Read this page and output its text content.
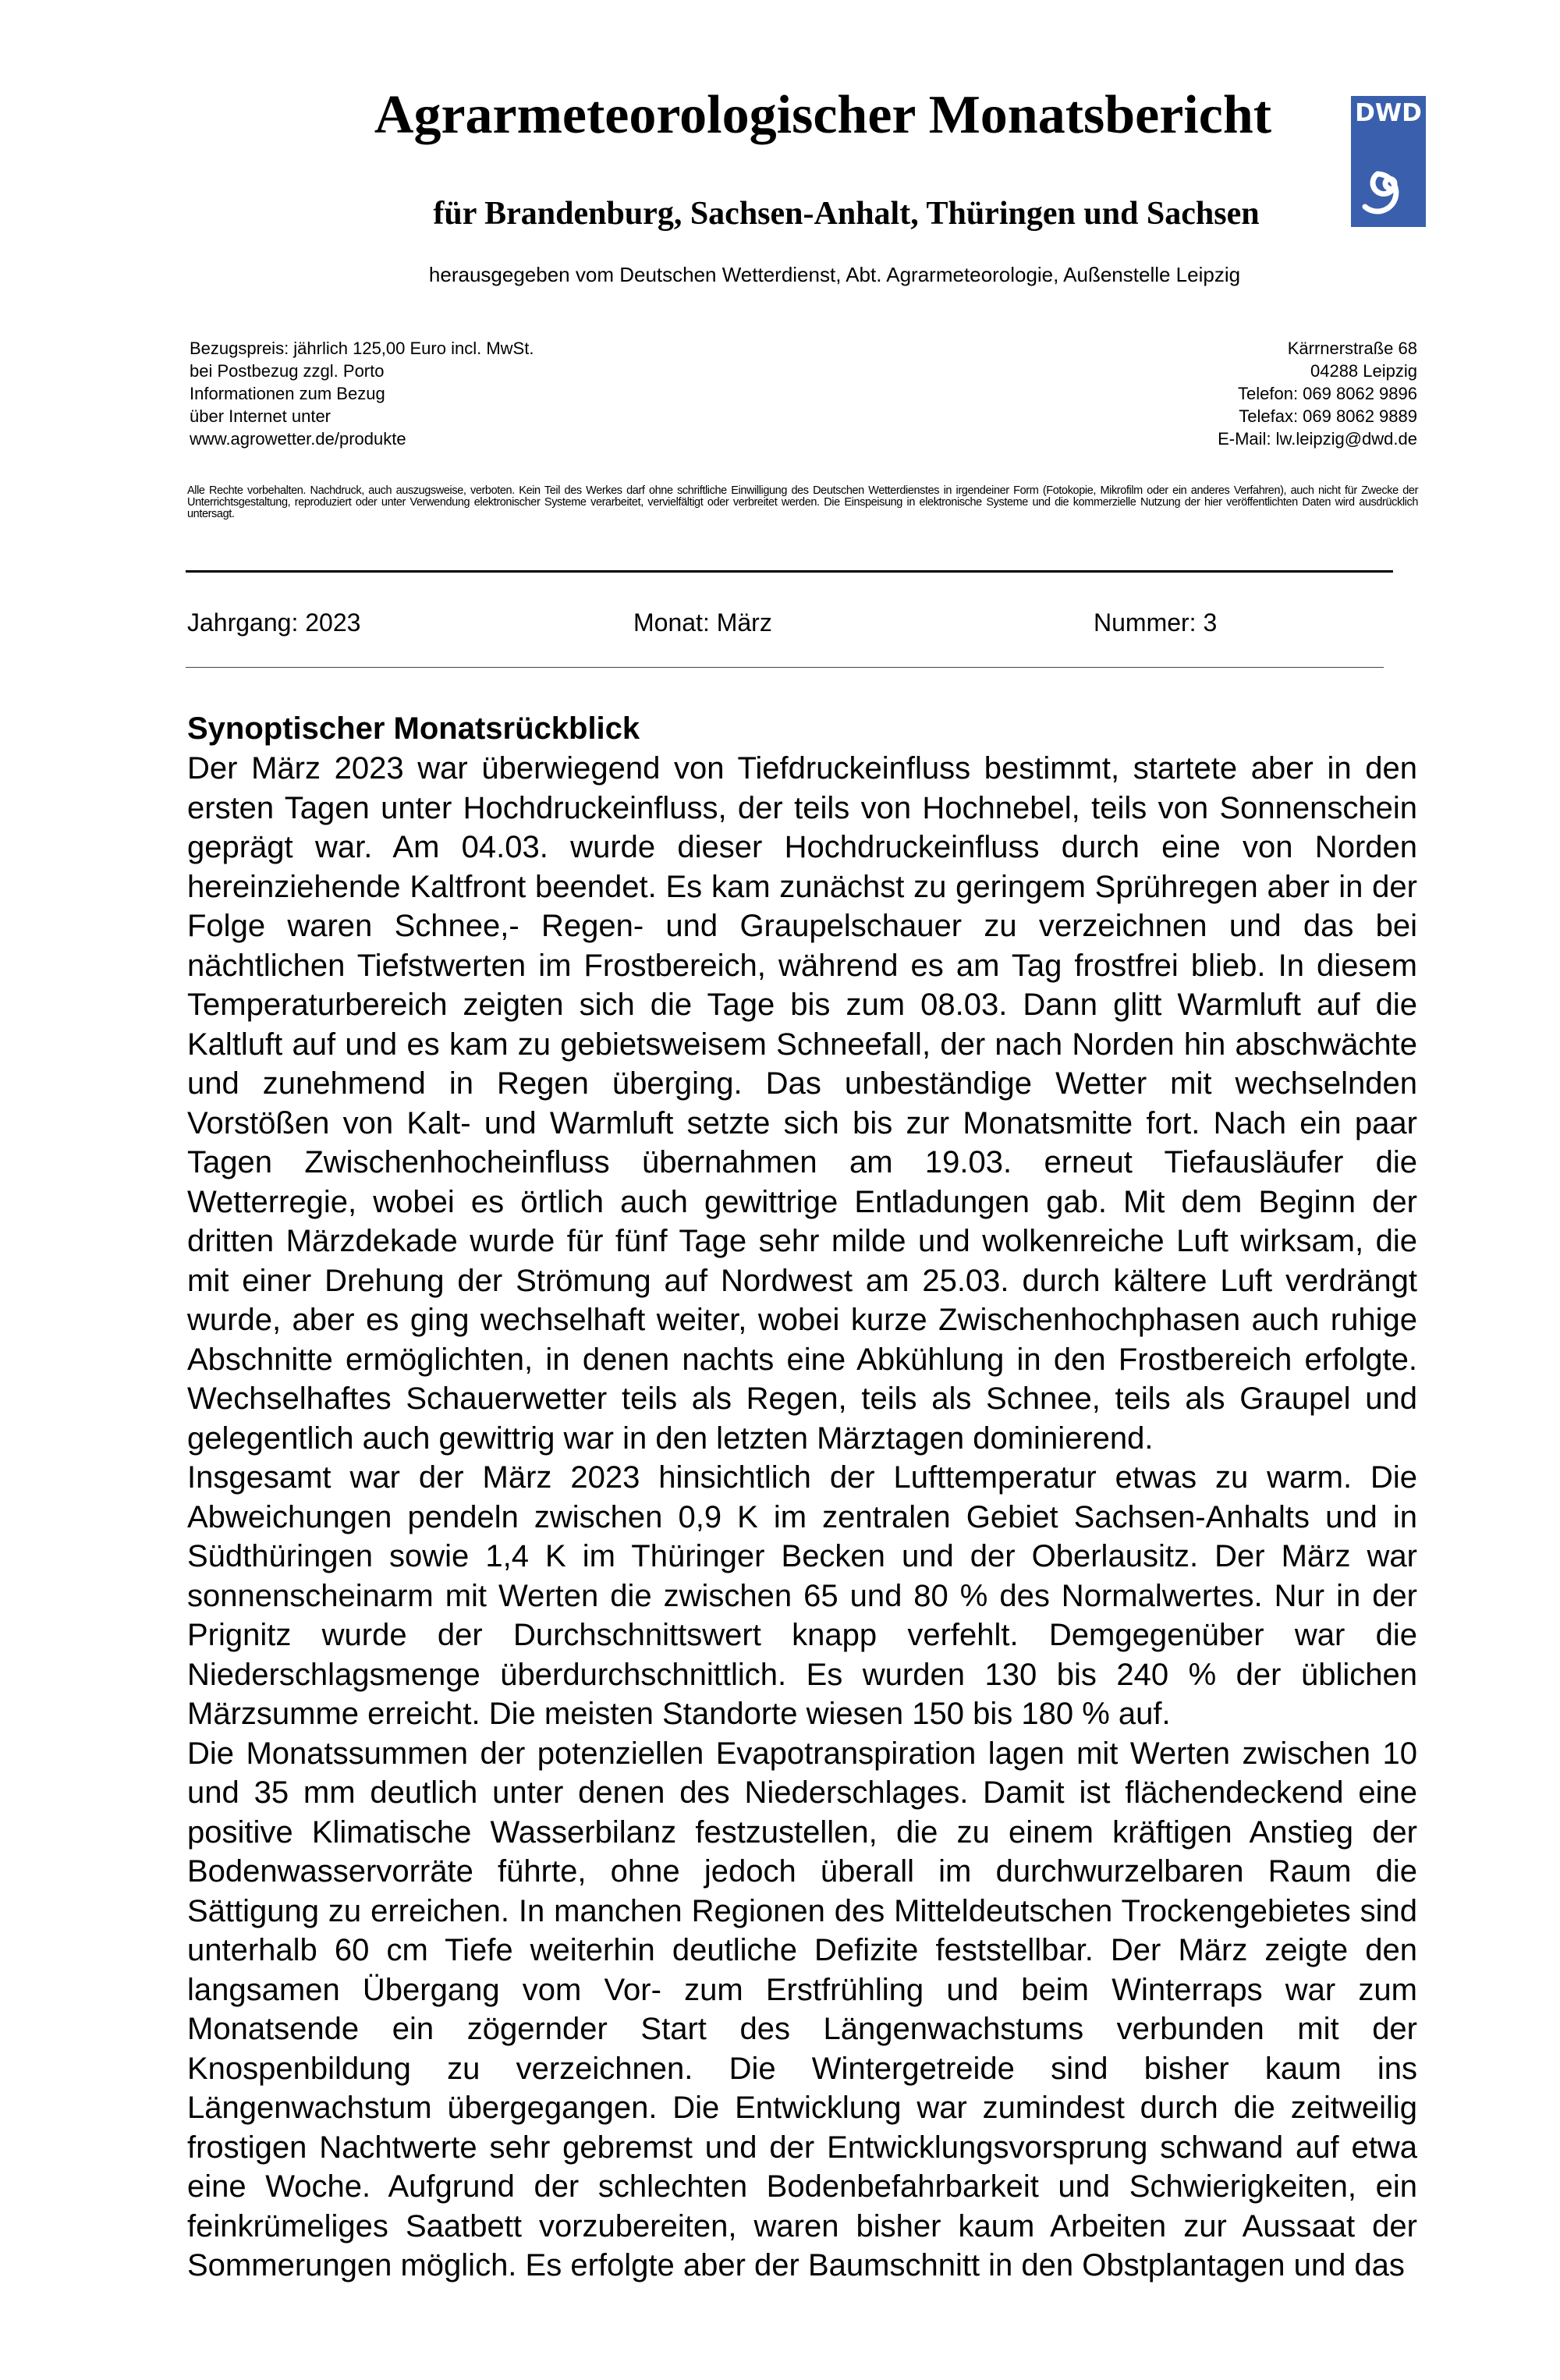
Agrarmeteorologischer Monatsbericht
für Brandenburg, Sachsen-Anhalt, Thüringen und Sachsen
herausgegeben vom Deutschen Wetterdienst, Abt. Agrarmeteorologie, Außenstelle Leipzig
DWD
Bezugspreis: jährlich 125,00 Euro incl. MwSt.
bei Postbezug zzgl. Porto
Informationen zum Bezug
über Internet unter
www.agrowetter.de/produkte
Kärrnerstraße 68
04288 Leipzig
Telefon: 069 8062 9896
Telefax: 069 8062 9889
E-Mail: lw.leipzig@dwd.de
Alle Rechte vorbehalten. Nachdruck, auch auszugsweise, verboten. Kein Teil des Werkes darf ohne schriftliche Einwilligung des Deutschen Wetterdienstes in irgendeiner Form (Fotokopie, Mikrofilm oder ein anderes Verfahren), auch nicht für Zwecke der Unterrichtsgestaltung, reproduziert oder unter Verwendung elektronischer Systeme verarbeitet, vervielfältigt oder verbreitet werden. Die Einspeisung in elektronische Systeme und die kommerzielle Nutzung der hier veröffentlichten Daten wird ausdrücklich untersagt.
Jahrgang: 2023	Monat: März	Nummer: 3
Synoptischer Monatsrückblick

Der März 2023 war überwiegend von Tiefdruckeinfluss bestimmt, startete aber in den ersten Tagen unter Hochdruckeinfluss, der teils von Hochnebel, teils von Sonnenschein geprägt war. Am 04.03. wurde dieser Hochdruckeinfluss durch eine von Norden hereinziehende Kaltfront beendet. Es kam zunächst zu geringem Sprühregen aber in der Folge waren Schnee,- Regen- und Graupelschauer zu verzeichnen und das bei nächtlichen Tiefstwerten im Frostbereich, während es am Tag frostfrei blieb. In diesem Temperaturbereich zeigten sich die Tage bis zum 08.03. Dann glitt Warmluft auf die Kaltluft auf und es kam zu gebietsweisem Schneefall, der nach Norden hin abschwächte und zunehmend in Regen überging. Das unbeständige Wetter mit wechselnden Vorstößen von Kalt- und Warmluft setzte sich bis zur Monatsmitte fort. Nach ein paar Tagen Zwischenhocheinfluss übernahmen am 19.03. erneut Tiefausläufer die Wetterregie, wobei es örtlich auch gewittrige Entladungen gab. Mit dem Beginn der dritten Märzdekade wurde für fünf Tage sehr milde und wolkenreiche Luft wirksam, die mit einer Drehung der Strömung auf Nordwest am 25.03. durch kältere Luft verdrängt wurde, aber es ging wechselhaft weiter, wobei kurze Zwischenhochphasen auch ruhige Abschnitte ermöglichten, in denen nachts eine Abkühlung in den Frostbereich erfolgte. Wechselhaftes Schauerwetter teils als Regen, teils als Schnee, teils als Graupel und gelegentlich auch gewittrig war in den letzten Märztagen dominierend.

Insgesamt war der März 2023 hinsichtlich der Lufttemperatur etwas zu warm. Die Abweichungen pendeln zwischen 0,9 K im zentralen Gebiet Sachsen-Anhalts und in Südthüringen sowie 1,4 K im Thüringer Becken und der Oberlausitz. Der März war sonnenscheinarm mit Werten die zwischen 65 und 80 % des Normalwertes. Nur in der Prignitz wurde der Durchschnittswert knapp verfehlt. Demgegenüber war die Niederschlagsmenge überdurchschnittlich. Es wurden 130 bis 240 % der üblichen Märzsumme erreicht. Die meisten Standorte wiesen 150 bis 180 % auf.

Die Monatssummen der potenziellen Evapotranspiration lagen mit Werten zwischen 10 und 35 mm deutlich unter denen des Niederschlages. Damit ist flächendeckend eine positive Klimatische Wasserbilanz festzustellen, die zu einem kräftigen Anstieg der Bodenwasservorräte führte, ohne jedoch überall im durchwurzelbaren Raum die Sättigung zu erreichen. In manchen Regionen des Mitteldeutschen Trockengebietes sind unterhalb 60 cm Tiefe weiterhin deutliche Defizite feststellbar. Der März zeigte den langsamen Übergang vom Vor- zum Erstfrühling und beim Winterraps war zum Monatsende ein zögernder Start des Längenwachstums verbunden mit der Knospenbildung zu verzeichnen. Die Wintergetreide sind bisher kaum ins Längenwachstum übergegangen. Die Entwicklung war zumindest durch die zeitweilig frostigen Nachtwerte sehr gebremst und der Entwicklungsvorsprung schwand auf etwa eine Woche. Aufgrund der schlechten Bodenbefahrbarkeit und Schwierigkeiten, ein feinkrümeliges Saatbett vorzubereiten, waren bisher kaum Arbeiten zur Aussaat der Sommerungen möglich. Es erfolgte aber der Baumschnitt in den Obstplantagen und das
